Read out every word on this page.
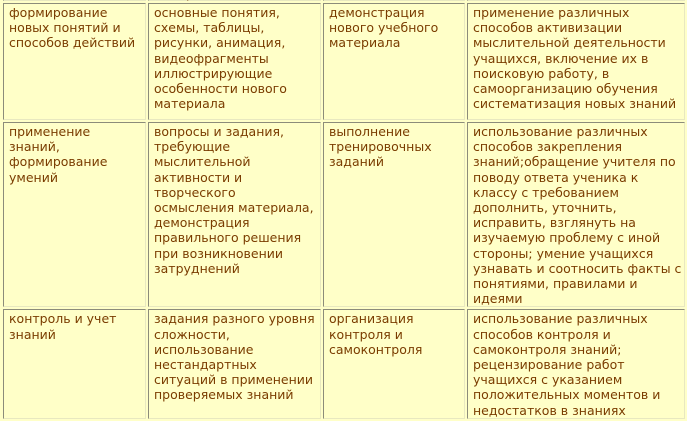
формирование новых понятий и способов действий	основные понятия, схемы, таблицы, рисунки, анимация, видеофрагменты иллюстрирующие особенности нового материала	демонстрация нового учебного материала	применение различных способов активизации мыслительной деятельности учащихся, включение их в поисковую работу, в самоорганизацию обучения систематизация новых знаний
применение знаний, формирование умений	вопросы и задания, требующие мыслительной активности и творческого осмысления материала, демонстрация правильного решения при возникновении затруднений	выполнение тренировочных заданий	использование различных способов закрепления знаний;обращение учителя по поводу ответа ученика к классу с требованием дополнить, уточнить, исправить, взглянуть на изучаемую проблему с иной стороны; умение учащихся узнавать и соотносить факты с понятиями, правилами и идеями
контроль и учет знаний	задания разного уровня сложности, использование нестандартных ситуаций в применении проверяемых знаний	организация контроля и самоконтроля	использование различных способов контроля и самоконтроля знаний; рецензирование работ учащихся с указанием положительных моментов и недостатков в знаниях
